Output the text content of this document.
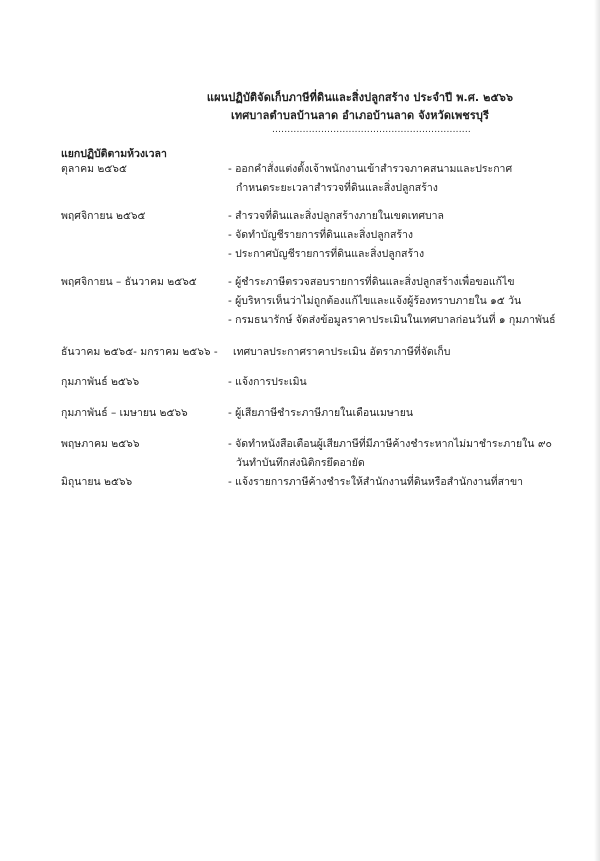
แผนปฏิบัติจัดเก็บภาษีที่ดินและสิ่งปลูกสร้าง ประจำปี พ.ศ. ๒๕๖๖
เทศบาลตำบลบ้านลาด อำเภอบ้านลาด จังหวัดเพชรบุรี
.................................................................
แยกปฏิบัติตามห้วงเวลา
ตุลาคม ๒๕๖๕	- ออกคำสั่งแต่งตั้งเจ้าพนักงานเข้าสำรวจภาคสนามและประกาศ
กำหนดระยะเวลาสำรวจที่ดินและสิ่งปลูกสร้าง
พฤศจิกายน ๒๕๖๕	- สำรวจที่ดินและสิ่งปลูกสร้างภายในเขตเทศบาล
- จัดทำบัญชีรายการที่ดินและสิ่งปลูกสร้าง
- ประกาศบัญชีรายการที่ดินและสิ่งปลูกสร้าง
พฤศจิกายน – ธันวาคม ๒๕๖๕	- ผู้ชำระภาษีตรวจสอบรายการที่ดินและสิ่งปลูกสร้างเพื่อขอแก้ไข
- ผู้บริหารเห็นว่าไม่ถูกต้องแก้ไขและแจ้งผู้ร้องทราบภายใน ๑๕ วัน
- กรมธนารักษ์ จัดส่งข้อมูลราคาประเมินในเทศบาลก่อนวันที่ ๑ กุมภาพันธ์
ธันวาคม ๒๕๖๕- มกราคม ๒๕๖๖ - เทศบาลประกาศราคาประเมิน อัตราภาษีที่จัดเก็บ
กุมภาพันธ์ ๒๕๖๖	- แจ้งการประเมิน
กุมภาพันธ์ – เมษายน ๒๕๖๖	- ผู้เสียภาษีชำระภาษีภายในเดือนเมษายน
พฤษภาคม ๒๕๖๖	- จัดทำหนังสือเตือนผู้เสียภาษีที่มีภาษีค้างชำระหากไม่มาชำระภายใน ๙๐
วันทำบันทึกส่งนิติกรยึดอายัด
มิถุนายน ๒๕๖๖	- แจ้งรายการภาษีค้างชำระให้สำนักงานที่ดินหรือสำนักงานที่สาขา
